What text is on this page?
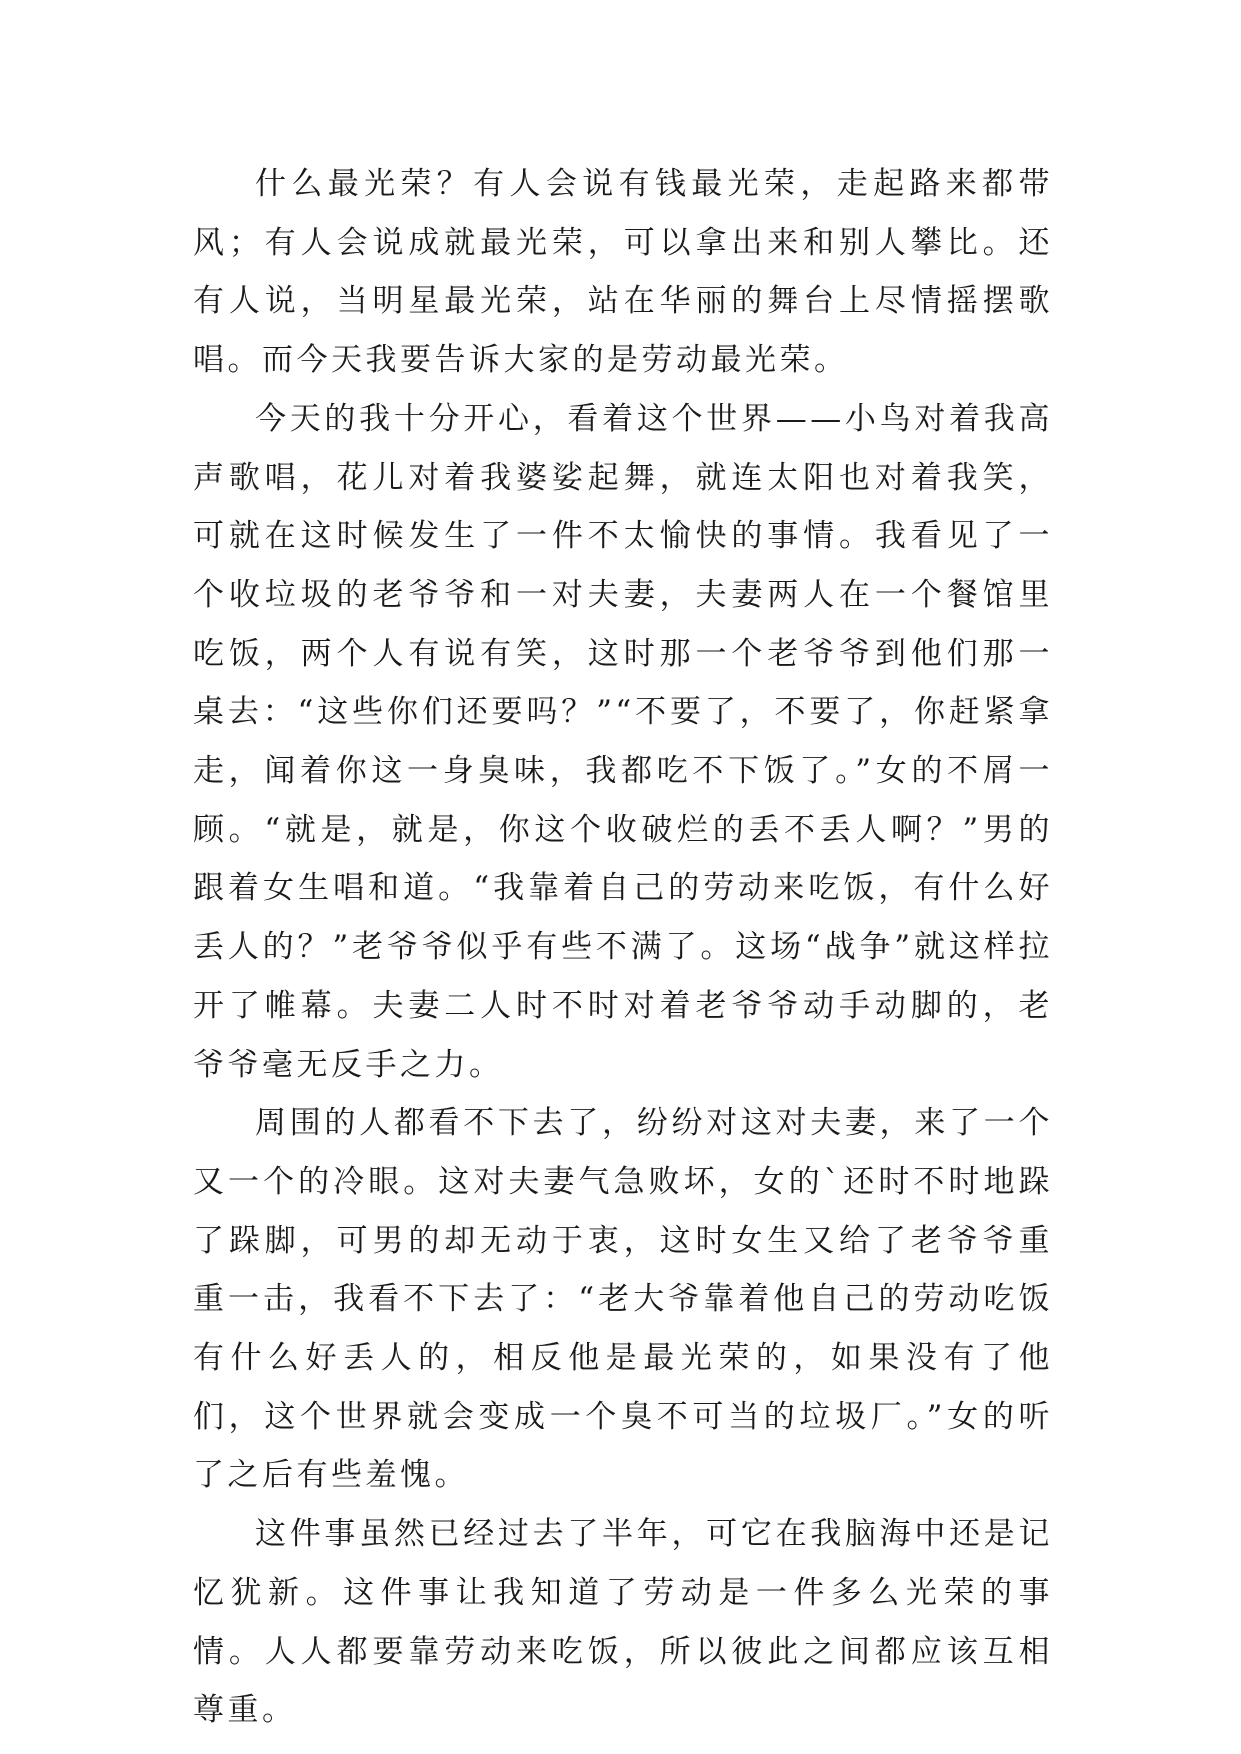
什么最光荣？有人会说有钱最光荣，走起路来都带风；有人会说成就最光荣，可以拿出来和别人攀比。还有人说，当明星最光荣，站在华丽的舞台上尽情摇摆歌唱。而今天我要告诉大家的是劳动最光荣。

今天的我十分开心，看着这个世界——小鸟对着我高声歌唱，花儿对着我婆娑起舞，就连太阳也对着我笑，可就在这时候发生了一件不太愉快的事情。我看见了一个收垃圾的老爷爷和一对夫妻，夫妻两人在一个餐馆里吃饭，两个人有说有笑，这时那一个老爷爷到他们那一桌去：“这些你们还要吗？”“不要了，不要了，你赶紧拿走，闻着你这一身臭味，我都吃不下饭了。”女的不屑一顾。“就是，就是，你这个收破烂的丢不丢人啊？”男的跟着女生唱和道。“我靠着自己的劳动来吃饭，有什么好丢人的？”老爷爷似乎有些不满了。这场“战争”就这样拉开了帷幕。夫妻二人时不时对着老爷爷动手动脚的，老爷爷毫无反手之力。

周围的人都看不下去了，纷纷对这对夫妻，来了一个又一个的冷眼。这对夫妻气急败坏，女的`还时不时地跺了跺脚，可男的却无动于衷，这时女生又给了老爷爷重重一击，我看不下去了：“老大爷靠着他自己的劳动吃饭有什么好丢人的，相反他是最光荣的，如果没有了他们，这个世界就会变成一个臭不可当的垃圾厂。”女的听了之后有些羞愧。

这件事虽然已经过去了半年，可它在我脑海中还是记忆犹新。这件事让我知道了劳动是一件多么光荣的事情。人人都要靠劳动来吃饭，所以彼此之间都应该互相尊重。
